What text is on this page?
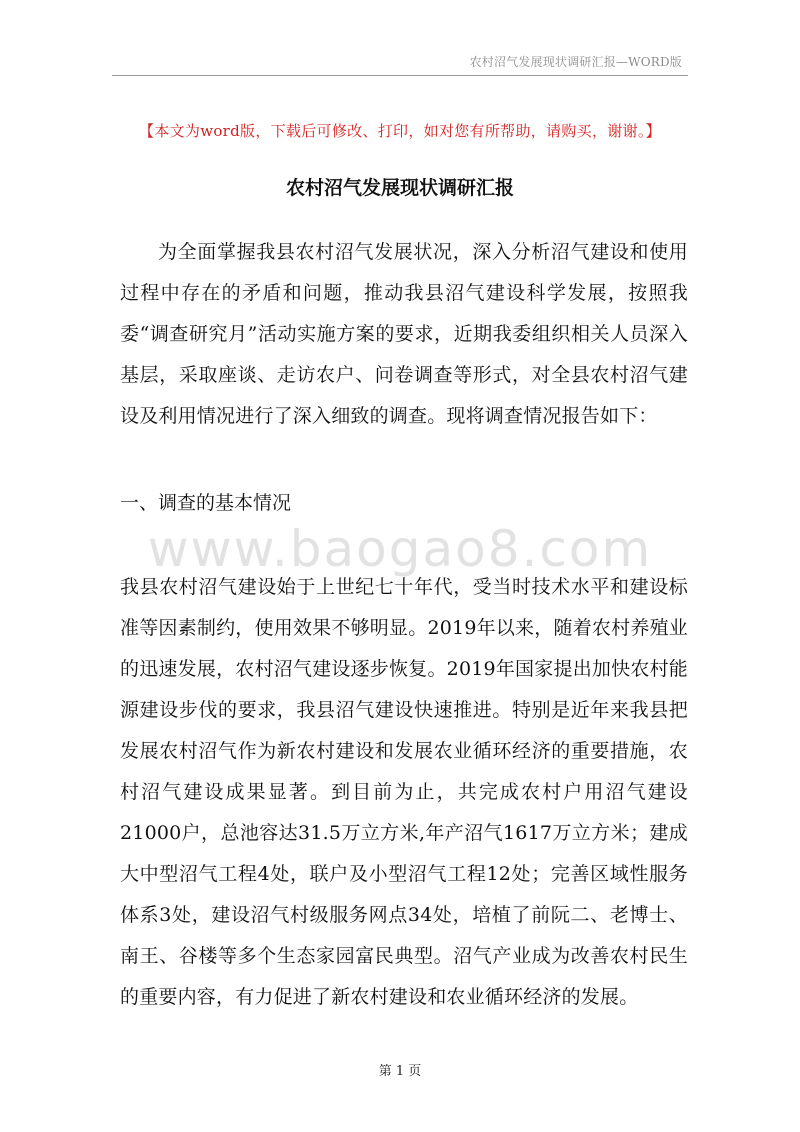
农村沼气发展现状调研汇报—WORD版
【本文为word版，下载后可修改、打印，如对您有所帮助，请购买，谢谢。】
农村沼气发展现状调研汇报
为全面掌握我县农村沼气发展状况，深入分析沼气建设和使用过程中存在的矛盾和问题，推动我县沼气建设科学发展，按照我委“调查研究月”活动实施方案的要求，近期我委组织相关人员深入基层，采取座谈、走访农户、问卷调查等形式，对全县农村沼气建设及利用情况进行了深入细致的调查。现将调查情况报告如下：
一、调查的基本情况
www.baogao8.com
我县农村沼气建设始于上世纪七十年代，受当时技术水平和建设标准等因素制约，使用效果不够明显。2019年以来，随着农村养殖业的迅速发展，农村沼气建设逐步恢复。2019年国家提出加快农村能源建设步伐的要求，我县沼气建设快速推进。特别是近年来我县把发展农村沼气作为新农村建设和发展农业循环经济的重要措施，农村沼气建设成果显著。到目前为止，共完成农村户用沼气建设21000户，总池容达31.5万立方米,年产沼气1617万立方米；建成大中型沼气工程4处，联户及小型沼气工程12处；完善区域性服务体系3处，建设沼气村级服务网点34处，培植了前阮二、老博士、南王、谷楼等多个生态家园富民典型。沼气产业成为改善农村民生的重要内容，有力促进了新农村建设和农业循环经济的发展。
第 1 页
